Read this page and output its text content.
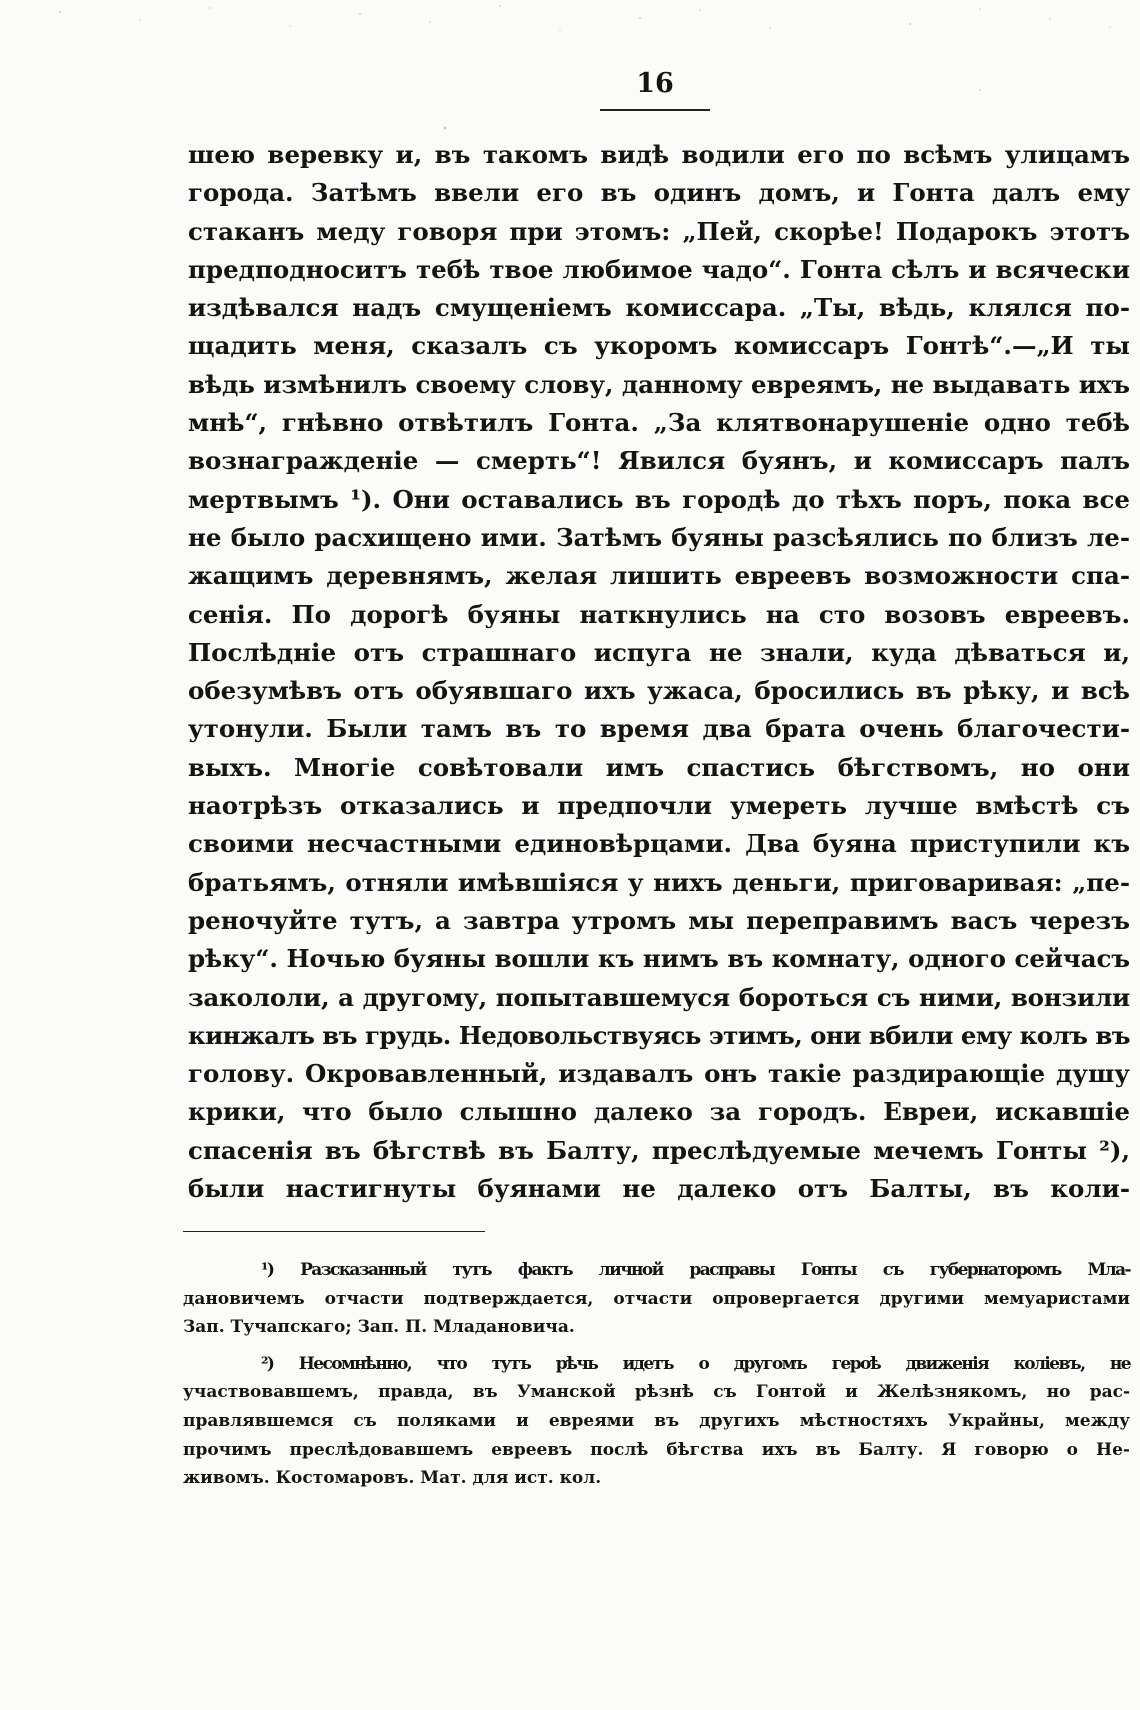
16
шею веревку и, въ такомъ видѣ водили его по всѣмъ улицамъ
города. Затѣмъ ввели его въ одинъ домъ, и Гонта далъ ему
стаканъ меду говоря при этомъ: „Пей, скорѣе! Подарокъ этотъ
предподноситъ тебѣ твое любимое чадо“. Гонта сѣлъ и всячески
издѣвался надъ смущеніемъ комиссара. „Ты, вѣдь, клялся по-
щадить меня, сказалъ съ укоромъ комиссаръ Гонтѣ“.—„И ты
вѣдь измѣнилъ своему слову, данному евреямъ, не выдавать ихъ
мнѣ“, гнѣвно отвѣтилъ Гонта. „За клятвонарушеніе одно тебѣ
вознагражденіе — смерть“! Явился буянъ, и комиссаръ палъ
мертвымъ ¹). Они оставались въ городѣ до тѣхъ поръ, пока все
не было расхищено ими. Затѣмъ буяны разсѣялись по близъ ле-
жащимъ деревнямъ, желая лишить евреевъ возможности спа-
сенія. По дорогѣ буяны наткнулись на сто возовъ евреевъ.
Послѣдніе отъ страшнаго испуга не знали, куда дѣваться и,
обезумѣвъ отъ обуявшаго ихъ ужаса, бросились въ рѣку, и всѣ
утонули. Были тамъ въ то время два брата очень благочести-
выхъ. Многіе совѣтовали имъ спастись бѣгствомъ, но они
наотрѣзъ отказались и предпочли умереть лучше вмѣстѣ съ
своими несчастными единовѣрцами. Два буяна приступили къ
братьямъ, отняли имѣвшіяся у нихъ деньги, приговаривая: „пе-
реночуйте тутъ, а завтра утромъ мы переправимъ васъ черезъ
рѣку“. Ночью буяны вошли къ нимъ въ комнату, одного сейчасъ
закололи, а другому, попытавшемуся бороться съ ними, вонзили
кинжалъ въ грудь. Недовольствуясь этимъ, они вбили ему колъ въ
голову. Окровавленный, издавалъ онъ такіе раздирающіе душу
крики, что было слышно далеко за городъ. Евреи, искавшіе
спасенія въ бѣгствѣ въ Балту, преслѣдуемые мечемъ Гонты ²),
были настигнуты буянами не далеко отъ Балты, въ коли-
¹) Разсказанный тутъ фактъ личной расправы Гонты съ губернаторомъ Мла-
дановичемъ отчасти подтверждается, отчасти опровергается другими мемуаристами
Зап. Тучапскаго; Зап. П. Младановича.
²) Несомнѣнно, что тутъ рѣчь идетъ о другомъ героѣ движенія коліевъ, не
участвовавшемъ, правда, въ Уманской рѣзнѣ съ Гонтой и Желѣзнякомъ, но рас-
правлявшемся съ поляками и евреями въ другихъ мѣстностяхъ Украйны, между
прочимъ преслѣдовавшемъ евреевъ послѣ бѣгства ихъ въ Балту. Я говорю о Не-
живомъ. Костомаровъ. Мат. для ист. кол.
